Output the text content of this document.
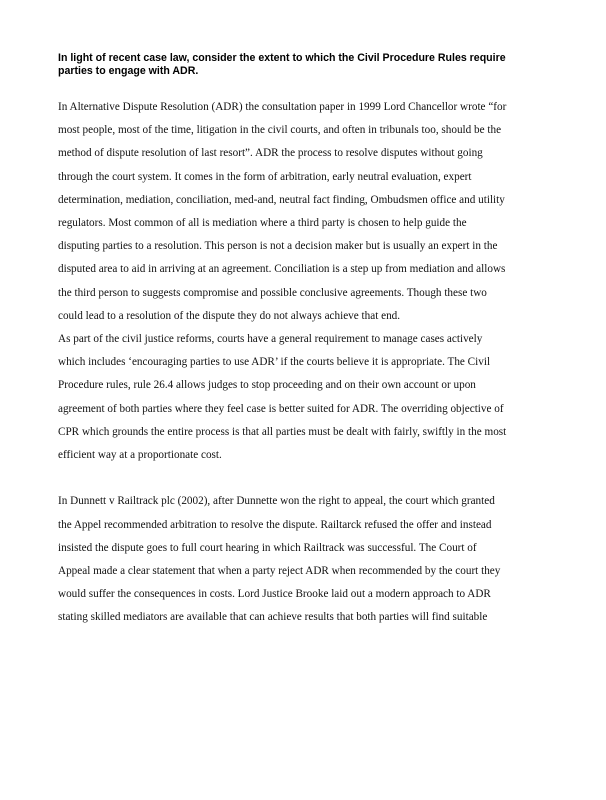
In light of recent case law, consider the extent to which the Civil Procedure Rules require
parties to engage with ADR.

In Alternative Dispute Resolution (ADR) the consultation paper in 1999 Lord Chancellor wrote “for
most people, most of the time, litigation in the civil courts, and often in tribunals too, should be the
method of dispute resolution of last resort”. ADR the process to resolve disputes without going
through the court system. It comes in the form of arbitration, early neutral evaluation, expert
determination, mediation, conciliation, med-and, neutral fact finding, Ombudsmen office and utility
regulators. Most common of all is mediation where a third party is chosen to help guide the
disputing parties to a resolution. This person is not a decision maker but is usually an expert in the
disputed area to aid in arriving at an agreement. Conciliation is a step up from mediation and allows
the third person to suggests compromise and possible conclusive agreements. Though these two
could lead to a resolution of the dispute they do not always achieve that end.

As part of the civil justice reforms, courts have a general requirement to manage cases actively
which includes ‘encouraging parties to use ADR’ if the courts believe it is appropriate. The Civil
Procedure rules, rule 26.4 allows judges to stop proceeding and on their own account or upon
agreement of both parties where they feel case is better suited for ADR. The overriding objective of
CPR which grounds the entire process is that all parties must be dealt with fairly, swiftly in the most
efficient way at a proportionate cost.

In Dunnett v Railtrack plc (2002), after Dunnette won the right to appeal, the court which granted
the Appel recommended arbitration to resolve the dispute. Railtarck refused the offer and instead
insisted the dispute goes to full court hearing in which Railtrack was successful. The Court of
Appeal made a clear statement that when a party reject ADR when recommended by the court they
would suffer the consequences in costs. Lord Justice Brooke laid out a modern approach to ADR
stating skilled mediators are available that can achieve results that both parties will find suitable
